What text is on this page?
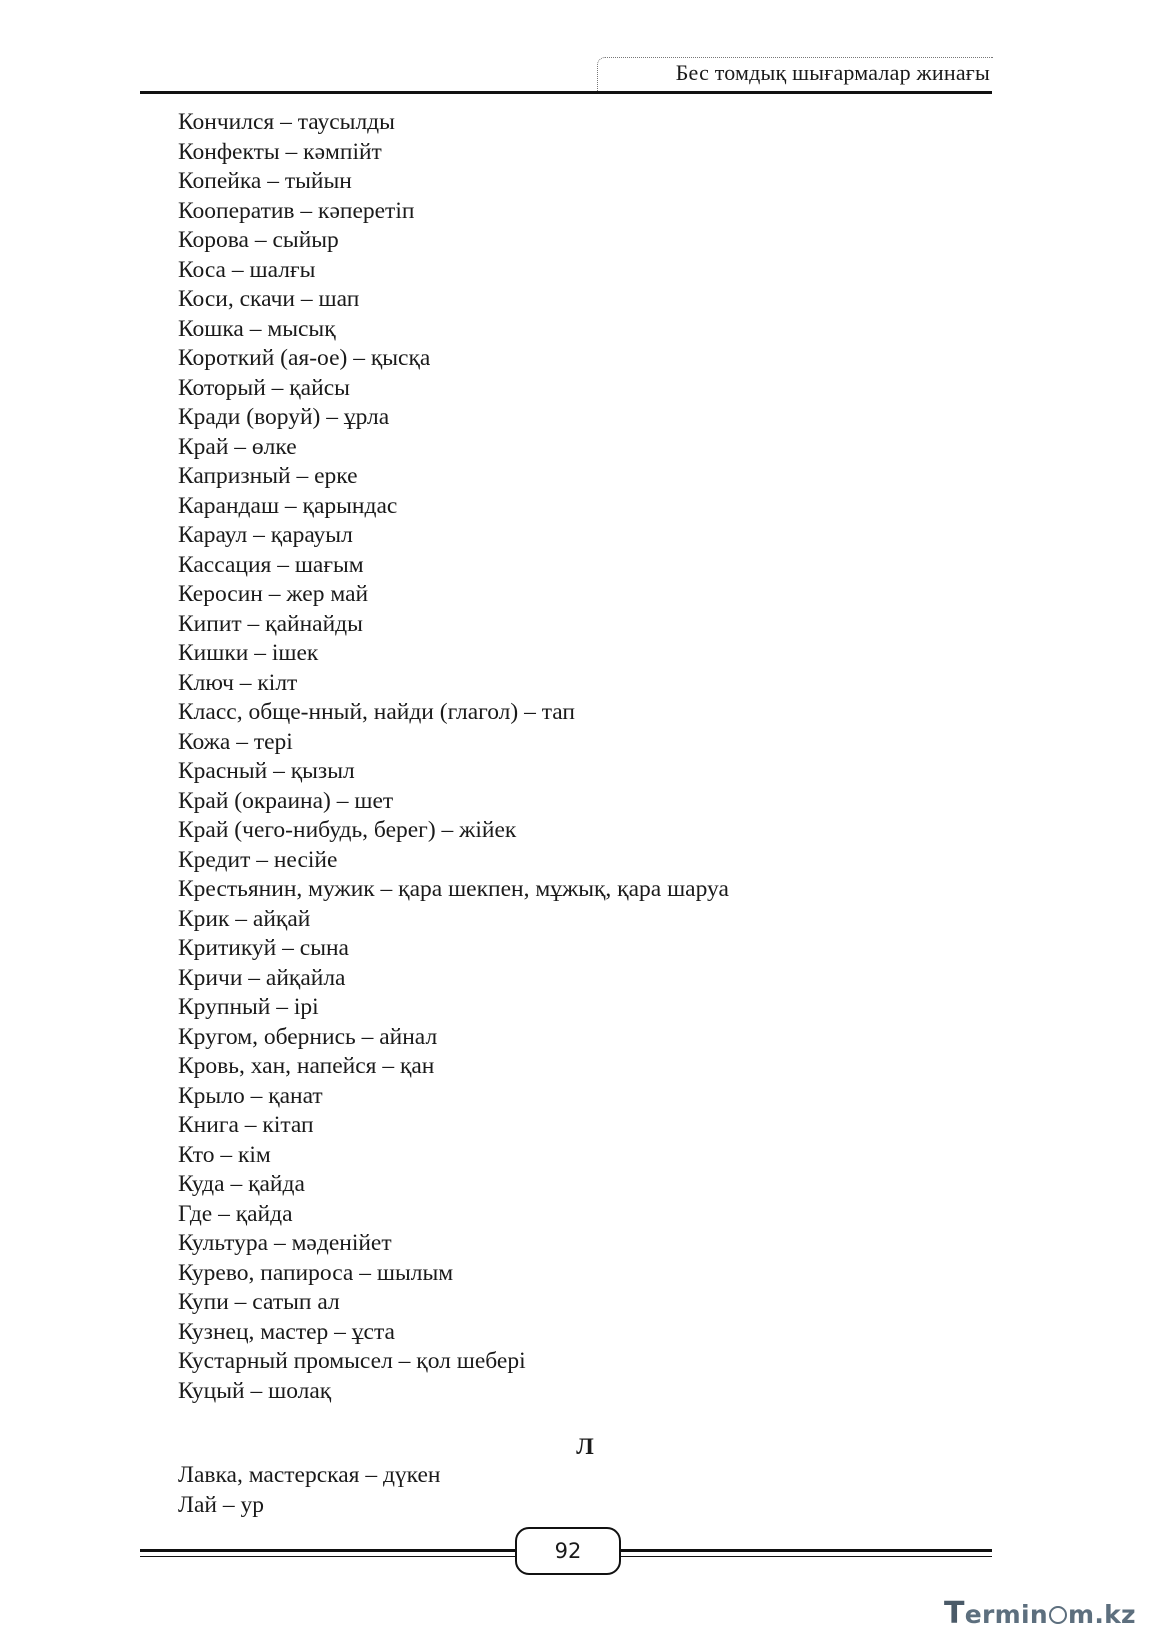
Бес томдық шығармалар жинағы
Кончился – таусылды
Конфекты – кәмпійт
Копейка – тыйын
Кооператив – кәперетіп
Корова – сыйыр
Коса – шалғы
Коси, скачи – шап
Кошка – мысық
Короткий (ая-ое) – қысқа
Который – қайсы
Кради (воруй) – ұрла
Край – өлке
Капризный – ерке
Карандаш – қарындас
Караул – қарауыл
Кассация – шағым
Керосин – жер май
Кипит – қайнайды
Кишки – ішек
Ключ – кілт
Класс, обще-нный, найди (глагол) – тап
Кожа – тері
Красный – қызыл
Край (окраина) – шет
Край (чего-нибудь, берег) – жійек
Кредит – несійе
Крестьянин, мужик – қара шекпен, мұжық, қара шаруа
Крик – айқай
Критикуй – сына
Кричи – айқайла
Крупный – ірі
Кругом, обернись – айнал
Кровь, хан, напейся – қан
Крыло – қанат
Книга – кітап
Кто – кім
Куда – қайда
Где – қайда
Культура – мәденійет
Курево, папироса – шылым
Купи – сатып ал
Кузнец, мастер – ұста
Кустарный промысел – қол шебері
Куцый – шолақ
Л
Лавка, мастерская – дүкен
Лай – ур
92
Termin m.kz
